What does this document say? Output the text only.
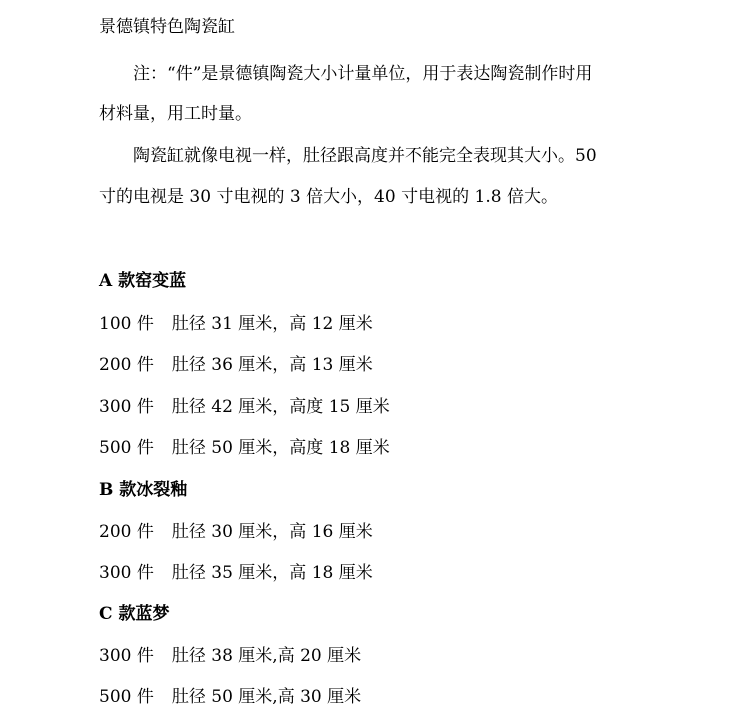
景德镇特色陶瓷缸
注：“件”是景德镇陶瓷大小计量单位，用于表达陶瓷制作时用
材料量，用工时量。
陶瓷缸就像电视一样，肚径跟高度并不能完全表现其大小。50
寸的电视是 30 寸电视的 3 倍大小，40 寸电视的 1.8 倍大。
A 款窑变蓝
100 件 肚径 31 厘米，高 12 厘米
200 件 肚径 36 厘米，高 13 厘米
300 件 肚径 42 厘米，高度 15 厘米
500 件 肚径 50 厘米，高度 18 厘米
B 款冰裂釉
200 件 肚径 30 厘米，高 16 厘米
300 件 肚径 35 厘米，高 18 厘米
C 款蓝梦
300 件 肚径 38 厘米,高 20 厘米
500 件 肚径 50 厘米,高 30 厘米
